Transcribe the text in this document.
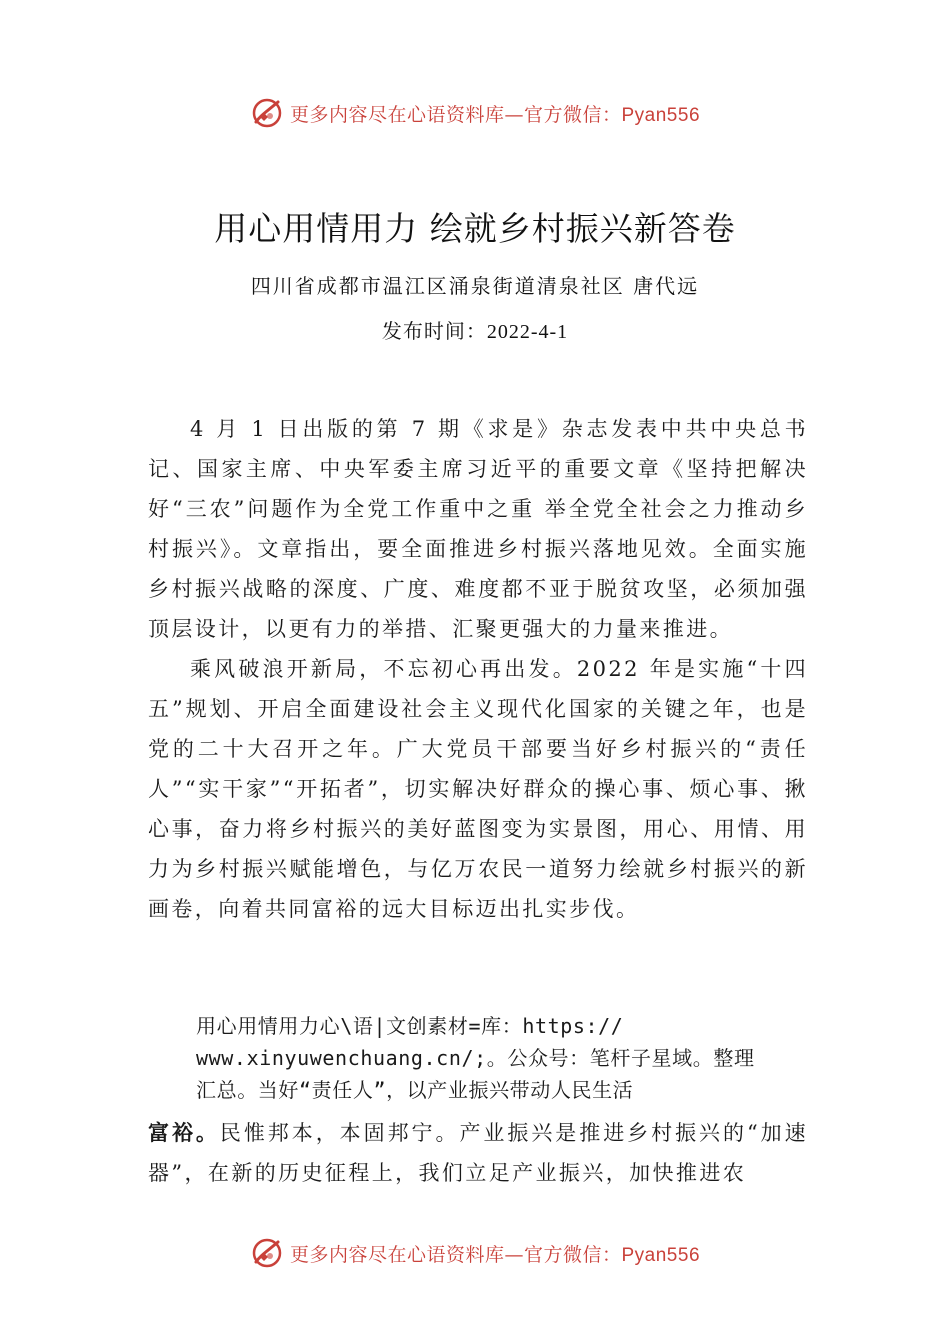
更多内容尽在心语资料库—官方微信：Pyan556
用心用情用力 绘就乡村振兴新答卷
四川省成都市温江区涌泉街道清泉社区 唐代远
发布时间：2022-4-1

4 月 1 日出版的第 7 期《求是》杂志发表中共中央总书记、国家主席、中央军委主席习近平的重要文章《坚持把解决好“三农”问题作为全党工作重中之重 举全党全社会之力推动乡村振兴》。文章指出，要全面推进乡村振兴落地见效。全面实施乡村振兴战略的深度、广度、难度都不亚于脱贫攻坚，必须加强顶层设计，以更有力的举措、汇聚更强大的力量来推进。

乘风破浪开新局，不忘初心再出发。2022 年是实施“十四五”规划、开启全面建设社会主义现代化国家的关键之年，也是党的二十大召开之年。广大党员干部要当好乡村振兴的“责任人”“实干家”“开拓者”，切实解决好群众的操心事、烦心事、揪心事，奋力将乡村振兴的美好蓝图变为实景图，用心、用情、用力为乡村振兴赋能增色，与亿万农民一道努力绘就乡村振兴的新画卷，向着共同富裕的远大目标迈出扎实步伐。

用心用情用力心\语|文创素材=库：https://
www.xinyuwenchuang.cn/;。公众号：笔杆子星域。整理
汇总。当好“责任人”，以产业振兴带动人民生活

富裕。民惟邦本，本固邦宁。产业振兴是推进乡村振兴的“加速器”，在新的历史征程上，我们立足产业振兴，加快推进农

更多内容尽在心语资料库—官方微信：Pyan556
